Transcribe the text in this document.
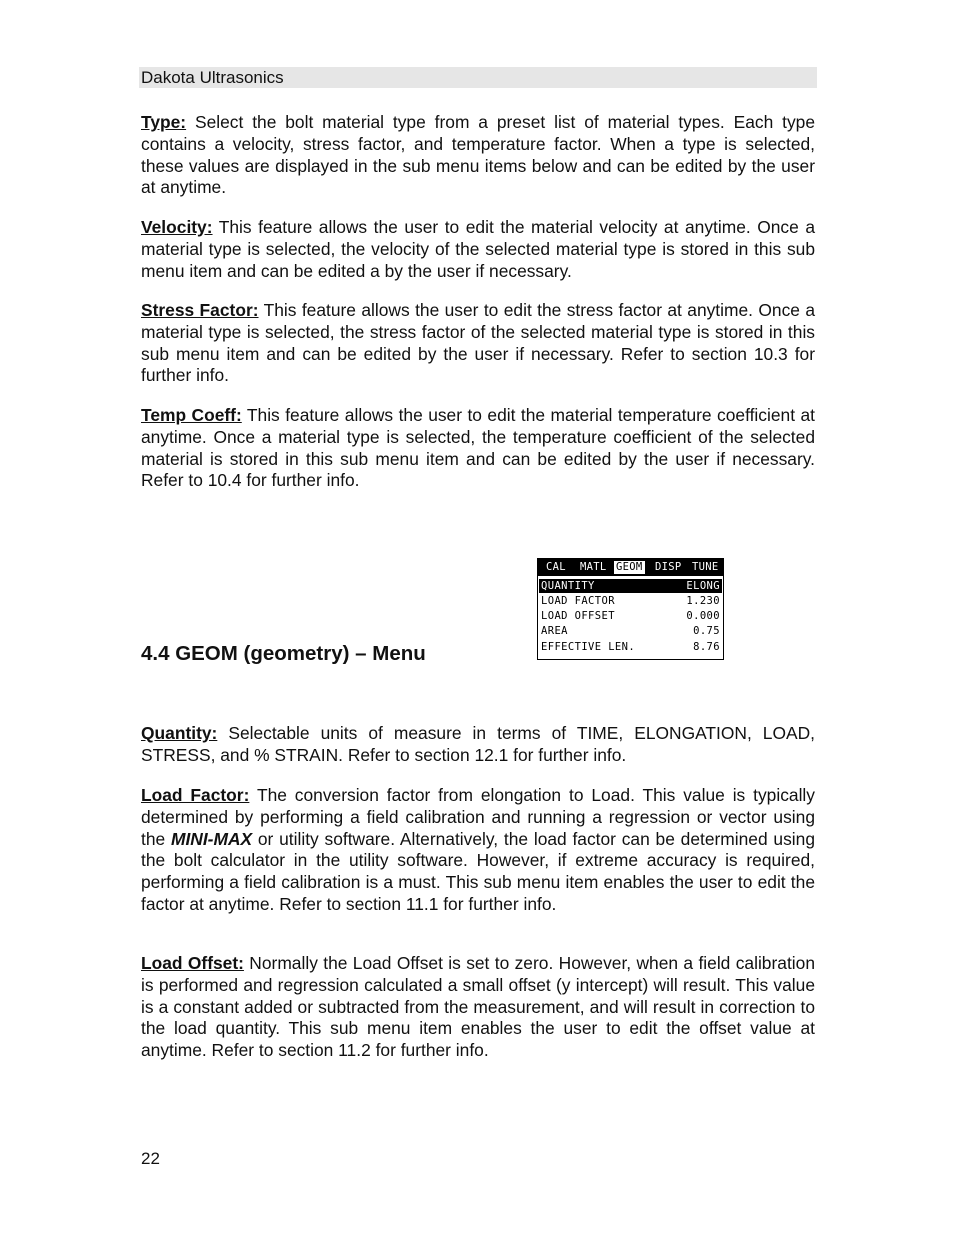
Dakota Ultrasonics

Type: Select the bolt material type from a preset list of material types. Each type contains a velocity, stress factor, and temperature factor. When a type is selected, these values are displayed in the sub menu items below and can be edited by the user at anytime.

Velocity: This feature allows the user to edit the material velocity at anytime. Once a material type is selected, the velocity of the selected material type is stored in this sub menu item and can be edited a by the user if necessary.

Stress Factor: This feature allows the user to edit the stress factor at anytime. Once a material type is selected, the stress factor of the selected material type is stored in this sub menu item and can be edited by the user if necessary. Refer to section 10.3 for further info.

Temp Coeff: This feature allows the user to edit the material temperature coefficient at anytime. Once a material type is selected, the temperature coefficient of the selected material is stored in this sub menu item and can be edited by the user if necessary. Refer to 10.4 for further info.

CAL MATL GEOM DISP TUNE
QUANTITY	ELONG
LOAD FACTOR	1.230
LOAD OFFSET	0.000
AREA	0.75
EFFECTIVE LEN.	8.76
4.4 GEOM (geometry) – Menu

Quantity: Selectable units of measure in terms of TIME, ELONGATION, LOAD, STRESS, and % STRAIN. Refer to section 12.1 for further info.

Load Factor: The conversion factor from elongation to Load. This value is typically determined by performing a field calibration and running a regression or vector using the MINI-MAX or utility software. Alternatively, the load factor can be determined using the bolt calculator in the utility software. However, if extreme accuracy is required, performing a field calibration is a must. This sub menu item enables the user to edit the factor at anytime. Refer to section 11.1 for further info.

Load Offset: Normally the Load Offset is set to zero. However, when a field calibration is performed and regression calculated a small offset (y intercept) will result. This value is a constant added or subtracted from the measurement, and will result in correction to the load quantity. This sub menu item enables the user to edit the offset value at anytime. Refer to section 11.2 for further info.

22
